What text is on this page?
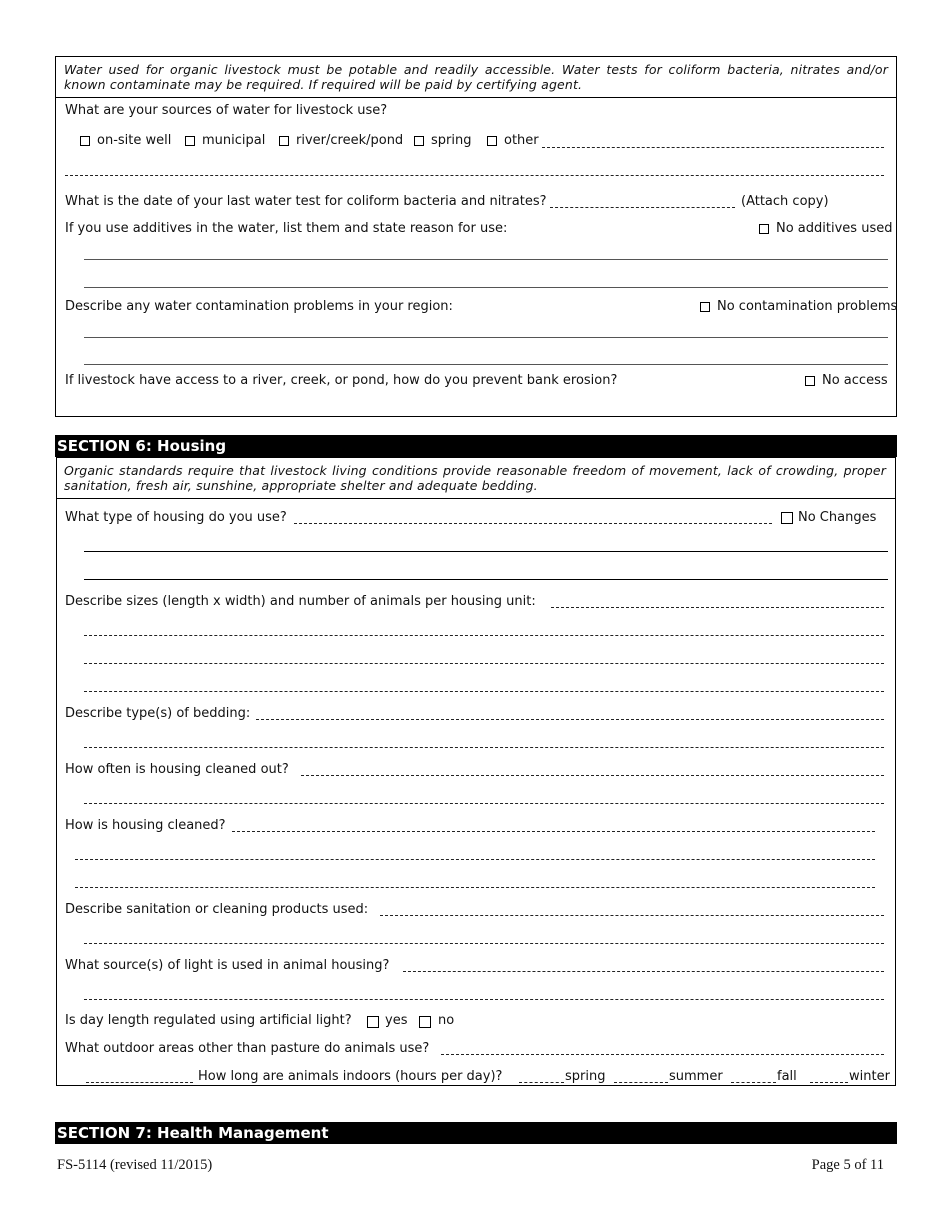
Water used for organic livestock must be potable and readily accessible. Water tests for coliform bacteria, nitrates and/or known contaminate may be required. If required will be paid by certifying agent.
What are your sources of water for livestock use?
on-site well municipal river/creek/pond spring	other
What is the date of your last water test for coliform bacteria and nitrates?	(Attach copy)
If you use additives in the water, list them and state reason for use:	No additives used
Describe any water contamination problems in your region:	No contamination problems
If livestock have access to a river, creek, or pond, how do you prevent bank erosion?	No access
SECTION 6: Housing
Organic standards require that livestock living conditions provide reasonable freedom of movement, lack of crowding, proper sanitation, fresh air, sunshine, appropriate shelter and adequate bedding.
What type of housing do you use?	No Changes
Describe sizes (length x width) and number of animals per housing unit:
Describe type(s) of bedding:
How often is housing cleaned out?
How is housing cleaned?
Describe sanitation or cleaning products used:
What source(s) of light is used in animal housing?
Is day length regulated using artificial light?	yes no
What outdoor areas other than pasture do animals use?
How long are animals indoors (hours per day)?	spring	summer	fall	winter
SECTION 7: Health Management
FS-5114 (revised 11/2015)	Page 5 of 11
